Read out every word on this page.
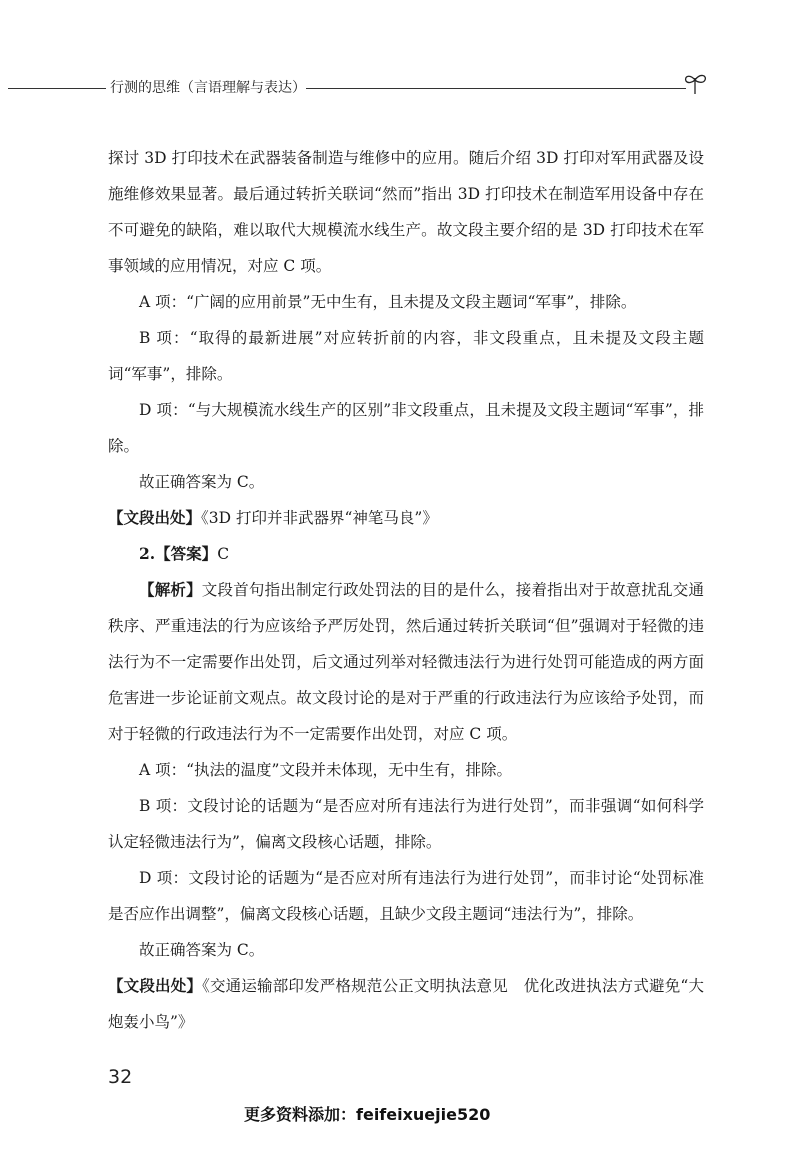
行测的思维（言语理解与表达）

探讨 3D 打印技术在武器装备制造与维修中的应用。随后介绍 3D 打印对军用武器及设施维修效果显著。最后通过转折关联词“然而”指出 3D 打印技术在制造军用设备中存在不可避免的缺陷，难以取代大规模流水线生产。故文段主要介绍的是 3D 打印技术在军事领域的应用情况，对应 C 项。

A 项：“广阔的应用前景”无中生有，且未提及文段主题词“军事”，排除。

B 项：“取得的最新进展”对应转折前的内容，非文段重点，且未提及文段主题词“军事”，排除。

D 项：“与大规模流水线生产的区别”非文段重点，且未提及文段主题词“军事”，排除。

故正确答案为 C。

【文段出处】《3D 打印并非武器界“神笔马良”》

2.【答案】C

【解析】文段首句指出制定行政处罚法的目的是什么，接着指出对于故意扰乱交通秩序、严重违法的行为应该给予严厉处罚，然后通过转折关联词“但”强调对于轻微的违法行为不一定需要作出处罚，后文通过列举对轻微违法行为进行处罚可能造成的两方面危害进一步论证前文观点。故文段讨论的是对于严重的行政违法行为应该给予处罚，而对于轻微的行政违法行为不一定需要作出处罚，对应 C 项。

A 项：“执法的温度”文段并未体现，无中生有，排除。

B 项：文段讨论的话题为“是否应对所有违法行为进行处罚”，而非强调“如何科学认定轻微违法行为”，偏离文段核心话题，排除。

D 项：文段讨论的话题为“是否应对所有违法行为进行处罚”，而非讨论“处罚标准是否应作出调整”，偏离文段核心话题，且缺少文段主题词“违法行为”，排除。

故正确答案为 C。

【文段出处】《交通运输部印发严格规范公正文明执法意见　优化改进执法方式避免“大炮轰小鸟”》

32
更多资料添加：feifeixuejie520
